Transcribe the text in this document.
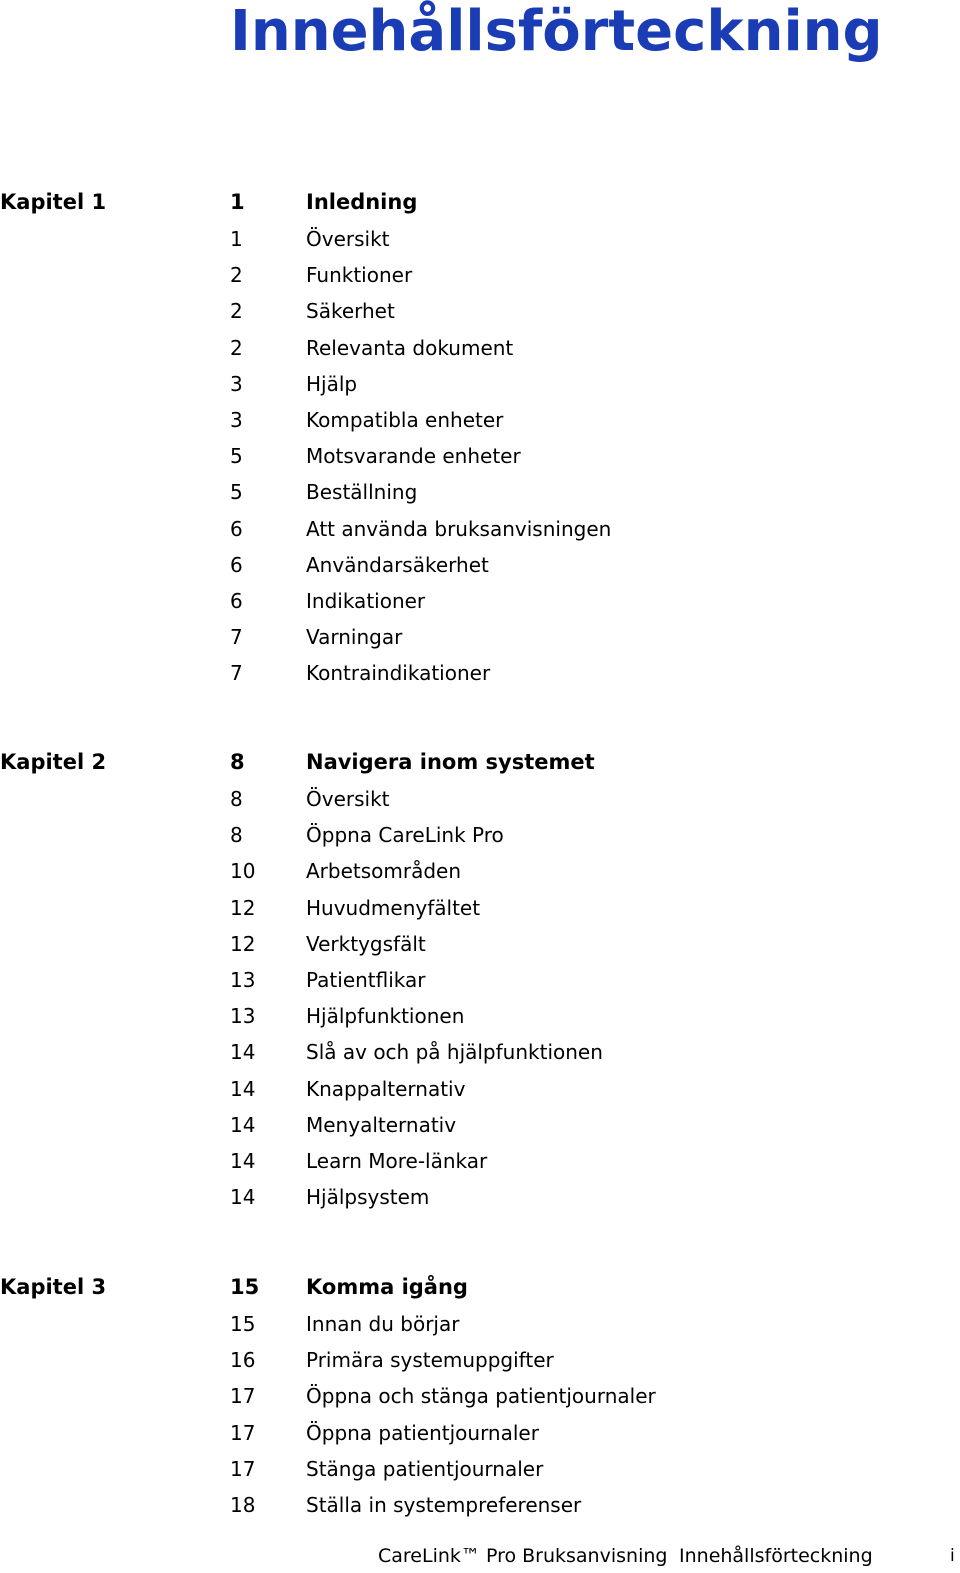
Innehållsförteckning
Kapitel 1	1	Inledning
1	Översikt
2	Funktioner
2	Säkerhet
2	Relevanta dokument
3	Hjälp
3	Kompatibla enheter
5	Motsvarande enheter
5	Beställning
6	Att använda bruksanvisningen
6	Användarsäkerhet
6	Indikationer
7	Varningar
7	Kontraindikationer
Kapitel 2	8	Navigera inom systemet
8	Översikt
8	Öppna CareLink Pro
10	Arbetsområden
12	Huvudmenyfältet
12	Verktygsfält
13	Patientflikar
13	Hjälpfunktionen
14	Slå av och på hjälpfunktionen
14	Knappalternativ
14	Menyalternativ
14	Learn More-länkar
14	Hjälpsystem
Kapitel 3	15 Komma igång
15	Innan du börjar
16	Primära systemuppgifter
17	Öppna och stänga patientjournaler
17	Öppna patientjournaler
17	Stänga patientjournaler
18	Ställa in systempreferenser
CareLink™ Pro Bruksanvisning Innehållsförteckning	i
